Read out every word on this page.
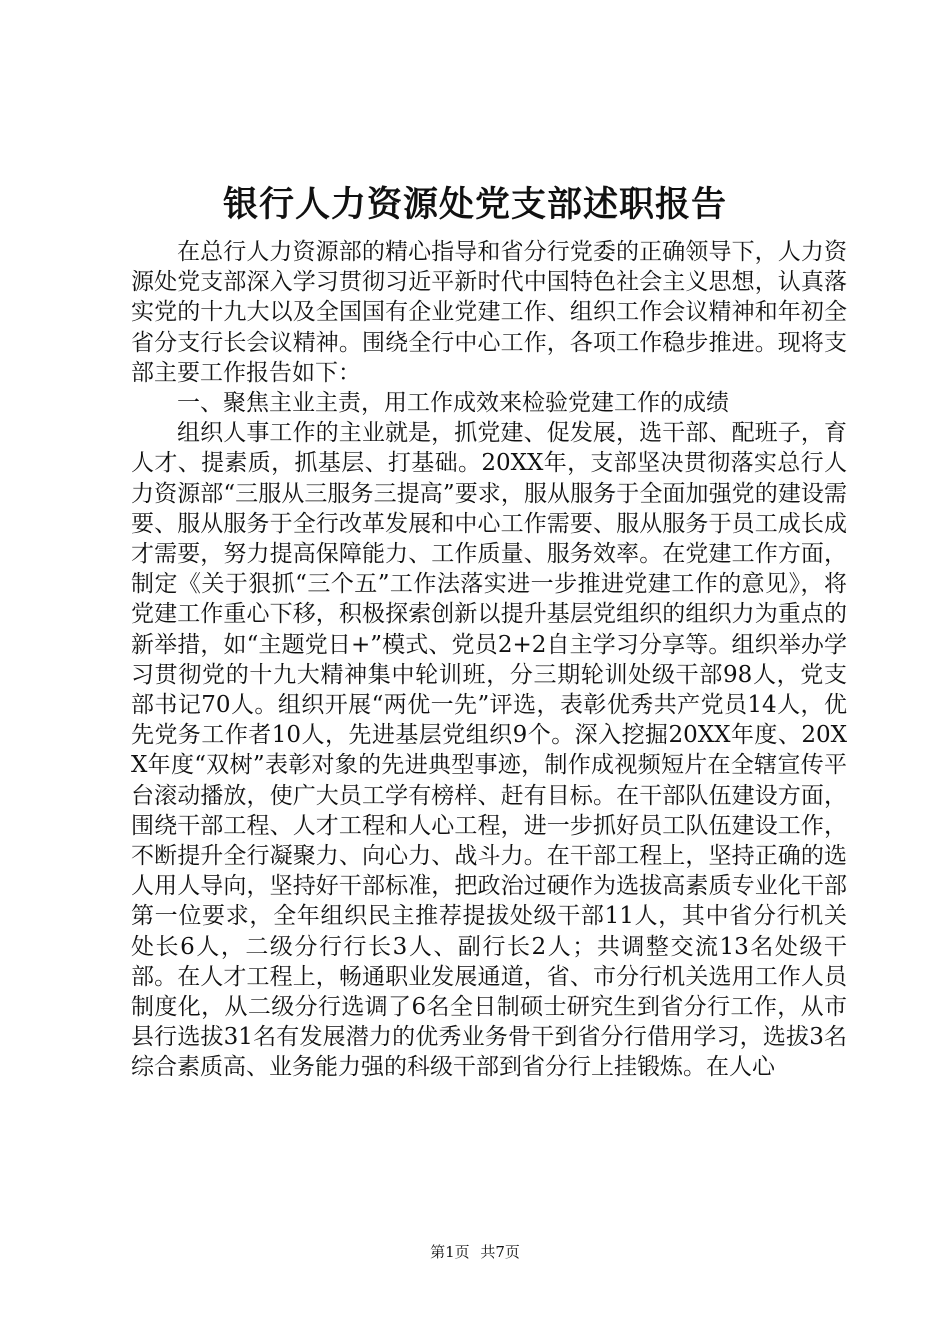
银行人力资源处党支部述职报告

在总行人力资源部的精心指导和省分行党委的正确领导下，人力资源处党支部深入学习贯彻习近平新时代中国特色社会主义思想，认真落实党的十九大以及全国国有企业党建工作、组织工作会议精神和年初全省分支行长会议精神。围绕全行中心工作，各项工作稳步推进。现将支部主要工作报告如下：

一、聚焦主业主责，用工作成效来检验党建工作的成绩

组织人事工作的主业就是，抓党建、促发展，选干部、配班子，育人才、提素质，抓基层、打基础。20XX年，支部坚决贯彻落实总行人力资源部“三服从三服务三提高”要求，服从服务于全面加强党的建设需要、服从服务于全行改革发展和中心工作需要、服从服务于员工成长成才需要，努力提高保障能力、工作质量、服务效率。在党建工作方面，制定《关于狠抓“三个五”工作法落实进一步推进党建工作的意见》，将党建工作重心下移，积极探索创新以提升基层党组织的组织力为重点的新举措，如“主题党日+”模式、党员2+2自主学习分享等。组织举办学习贯彻党的十九大精神集中轮训班，分三期轮训处级干部98人，党支部书记70人。组织开展“两优一先”评选，表彰优秀共产党员14人，优先党务工作者10人，先进基层党组织9个。深入挖掘20XX年度、20XX年度“双树”表彰对象的先进典型事迹，制作成视频短片在全辖宣传平台滚动播放，使广大员工学有榜样、赶有目标。在干部队伍建设方面，围绕干部工程、人才工程和人心工程，进一步抓好员工队伍建设工作，不断提升全行凝聚力、向心力、战斗力。在干部工程上，坚持正确的选人用人导向，坚持好干部标准，把政治过硬作为选拔高素质专业化干部第一位要求，全年组织民主推荐提拔处级干部11人，其中省分行机关处长6人，二级分行行长3人、副行长2人；共调整交流13名处级干部。在人才工程上，畅通职业发展通道，省、市分行机关选用工作人员制度化，从二级分行选调了6名全日制硕士研究生到省分行工作，从市县行选拔31名有发展潜力的优秀业务骨干到省分行借用学习，选拔3名综合素质高、业务能力强的科级干部到省分行上挂锻炼。在人心

第1页 共7页
